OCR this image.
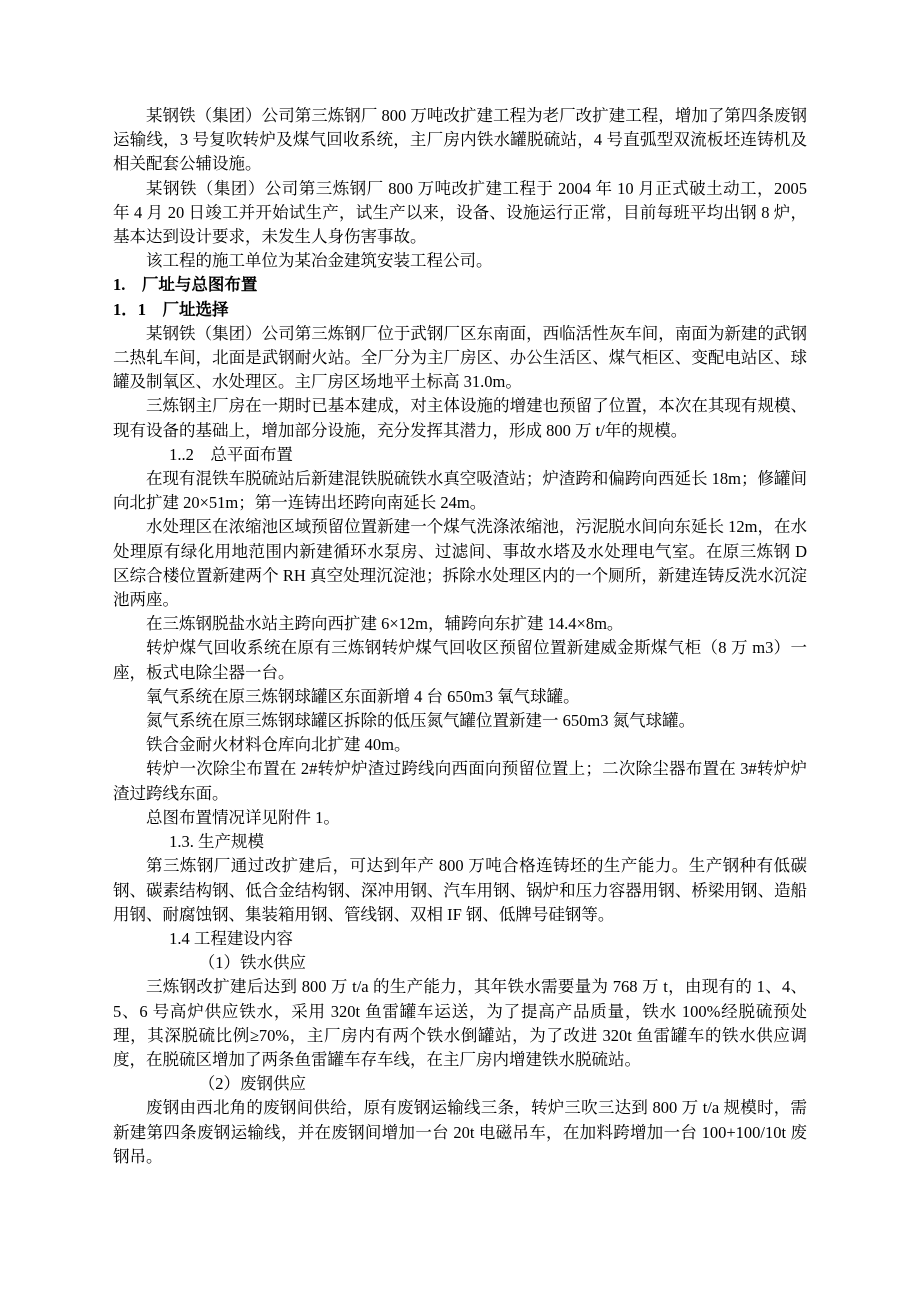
某钢铁（集团）公司第三炼钢厂 800 万吨改扩建工程为老厂改扩建工程，增加了第四条废钢运输线，3 号复吹转炉及煤气回收系统，主厂房内铁水罐脱硫站，4 号直弧型双流板坯连铸机及相关配套公辅设施。

某钢铁（集团）公司第三炼钢厂 800 万吨改扩建工程于 2004 年 10 月正式破土动工，2005 年 4 月 20 日竣工并开始试生产，试生产以来，设备、设施运行正常，目前每班平均出钢 8 炉，基本达到设计要求，未发生人身伤害事故。

该工程的施工单位为某冶金建筑安装工程公司。

1.　厂址与总图布置

1．1　厂址选择

某钢铁（集团）公司第三炼钢厂位于武钢厂区东南面，西临活性灰车间，南面为新建的武钢二热轧车间，北面是武钢耐火站。全厂分为主厂房区、办公生活区、煤气柜区、变配电站区、球罐及制氧区、水处理区。主厂房区场地平土标高 31.0m。

三炼钢主厂房在一期时已基本建成，对主体设施的增建也预留了位置，本次在其现有规模、现有设备的基础上，增加部分设施，充分发挥其潜力，形成 800 万 t/年的规模。

1..2　总平面布置

在现有混铁车脱硫站后新建混铁脱硫铁水真空吸渣站；炉渣跨和偏跨向西延长 18m；修罐间向北扩建 20×51m；第一连铸出坯跨向南延长 24m。

水处理区在浓缩池区域预留位置新建一个煤气洗涤浓缩池，污泥脱水间向东延长 12m，在水处理原有绿化用地范围内新建循环水泵房、过滤间、事故水塔及水处理电气室。在原三炼钢 D 区综合楼位置新建两个 RH 真空处理沉淀池；拆除水处理区内的一个厕所，新建连铸反洗水沉淀池两座。

在三炼钢脱盐水站主跨向西扩建 6×12m，辅跨向东扩建 14.4×8m。

转炉煤气回收系统在原有三炼钢转炉煤气回收区预留位置新建威金斯煤气柜（8 万 m3）一座，板式电除尘器一台。

氧气系统在原三炼钢球罐区东面新增 4 台 650m3 氧气球罐。

氮气系统在原三炼钢球罐区拆除的低压氮气罐位置新建一 650m3 氮气球罐。

铁合金耐火材料仓库向北扩建 40m。

转炉一次除尘布置在 2#转炉炉渣过跨线向西面向预留位置上；二次除尘器布置在 3#转炉炉渣过跨线东面。

总图布置情况详见附件 1。

1.3. 生产规模

第三炼钢厂通过改扩建后，可达到年产 800 万吨合格连铸坯的生产能力。生产钢种有低碳钢、碳素结构钢、低合金结构钢、深冲用钢、汽车用钢、锅炉和压力容器用钢、桥梁用钢、造船用钢、耐腐蚀钢、集装箱用钢、管线钢、双相 IF 钢、低牌号硅钢等。

1.4 工程建设内容

（1）铁水供应

三炼钢改扩建后达到 800 万 t/a 的生产能力，其年铁水需要量为 768 万 t，由现有的 1、4、5、6 号高炉供应铁水，采用 320t 鱼雷罐车运送，为了提高产品质量，铁水 100%经脱硫预处理，其深脱硫比例≥70%，主厂房内有两个铁水倒罐站，为了改进 320t 鱼雷罐车的铁水供应调度，在脱硫区增加了两条鱼雷罐车存车线，在主厂房内增建铁水脱硫站。

（2）废钢供应

废钢由西北角的废钢间供给，原有废钢运输线三条，转炉三吹三达到 800 万 t/a 规模时，需新建第四条废钢运输线，并在废钢间增加一台 20t 电磁吊车，在加料跨增加一台 100+100/10t 废钢吊。
